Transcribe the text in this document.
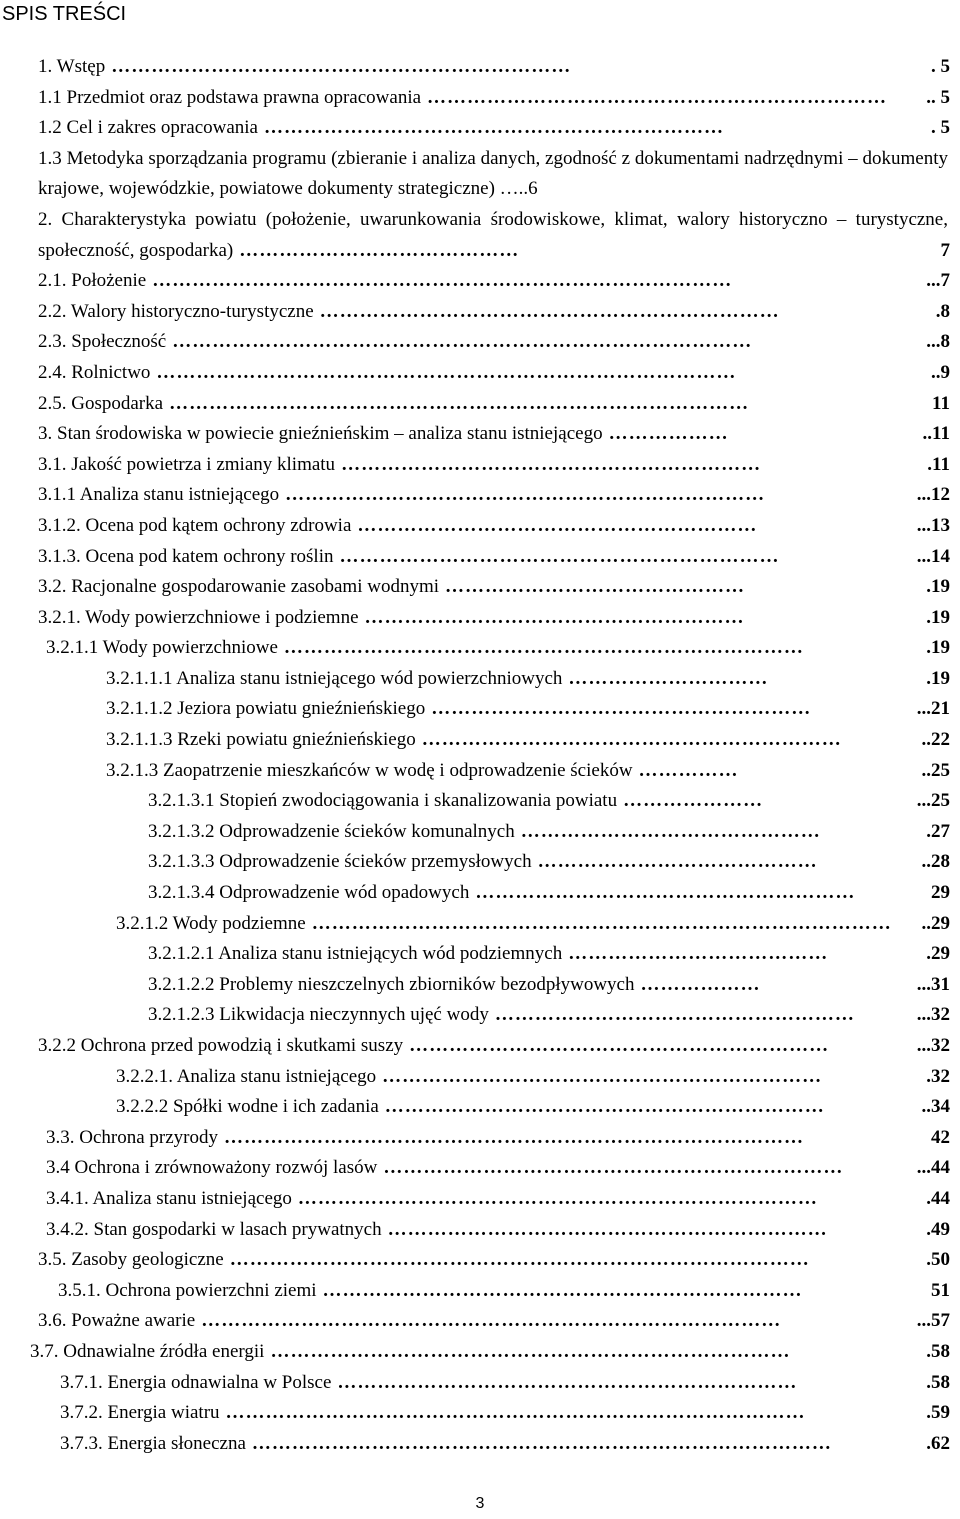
SPIS TREŚCI
1. Wstęp	. 5
……………………………………………………………
1.1 Przedmiot oraz podstawa prawna opracowania	.. 5
……………………………………………………………
1.2 Cel i zakres opracowania	. 5
……………………………………………………………
1.3 Metodyka sporządzania programu (zbieranie i analiza danych, zgodność z dokumentami nadrzędnymi – dokumenty krajowe, wojewódzkie, powiatowe dokumenty strategiczne) …..6
2. Charakterystyka powiatu (położenie, uwarunkowania środowiskowe, klimat, walory historyczno – turystyczne, społeczność, gospodarka)	7
……………………………………
2.1. Położenie	...7
……………………………………………………………………………
2.2. Walory historyczno-turystyczne	.8
……………………………………………………………
2.3. Społeczność	...8
……………………………………………………………………………
2.4. Rolnictwo	..9
……………………………………………………………………………
2.5. Gospodarka	11
……………………………………………………………………………
3. Stan środowiska w powiecie gnieźnieńskim – analiza stanu istniejącego	..11
………………
3.1. Jakość powietrza i zmiany klimatu	.11
………………………………………………………
3.1.1 Analiza stanu istniejącego	...12
………………………………………………………………
3.1.2. Ocena pod kątem ochrony zdrowia	...13
……………………………………………………
3.1.3. Ocena pod katem ochrony roślin	...14
…………………………………………………………
3.2. Racjonalne gospodarowanie zasobami wodnymi	.19
………………………………………
3.2.1. Wody powierzchniowe i podziemne	.19
…………………………………………………
3.2.1.1 Wody powierzchniowe	.19
……………………………………………………………………
3.2.1.1.1 Analiza stanu istniejącego wód powierzchniowych	.19
…………………………
3.2.1.1.2 Jeziora powiatu gnieźnieńskiego	...21
…………………………………………………
3.2.1.1.3 Rzeki powiatu gnieźnieńskiego	..22
………………………………………………………
3.2.1.3 Zaopatrzenie mieszkańców w wodę i odprowadzenie ścieków	..25
……………
3.2.1.3.1 Stopień zwodociągowania i skanalizowania powiatu	...25
…………………
3.2.1.3.2 Odprowadzenie ścieków komunalnych	.27
………………………………………
3.2.1.3.3 Odprowadzenie ścieków przemysłowych	..28
……………………………………
3.2.1.3.4 Odprowadzenie wód opadowych	29
…………………………………………………
3.2.1.2 Wody podziemne	..29
……………………………………………………………………………
3.2.1.2.1 Analiza stanu istniejących wód podziemnych	.29
…………………………………
3.2.1.2.2 Problemy nieszczelnych zbiorników bezodpływowych	...31
………………
3.2.1.2.3 Likwidacja nieczynnych ujęć wody	...32
………………………………………………
3.2.2 Ochrona przed powodzią i skutkami suszy	...32
………………………………………………………
3.2.2.1. Analiza stanu istniejącego	.32
…………………………………………………………
3.2.2.2 Spółki wodne i ich zadania	..34
…………………………………………………………
3.3. Ochrona przyrody	42
……………………………………………………………………………
3.4 Ochrona i zrównoważony rozwój lasów	...44
……………………………………………………………
3.4.1. Analiza stanu istniejącego	.44
……………………………………………………………………
3.4.2. Stan gospodarki w lasach prywatnych	.49
…………………………………………………………
3.5. Zasoby geologiczne	.50
……………………………………………………………………………
3.5.1. Ochrona powierzchni ziemi	51
………………………………………………………………
3.6. Poważne awarie	...57
……………………………………………………………………………
3.7. Odnawialne źródła energii	.58
……………………………………………………………………
3.7.1. Energia odnawialna w Polsce	.58
……………………………………………………………
3.7.2. Energia wiatru	.59
……………………………………………………………………………
3.7.3. Energia słoneczna	.62
……………………………………………………………………………
3
